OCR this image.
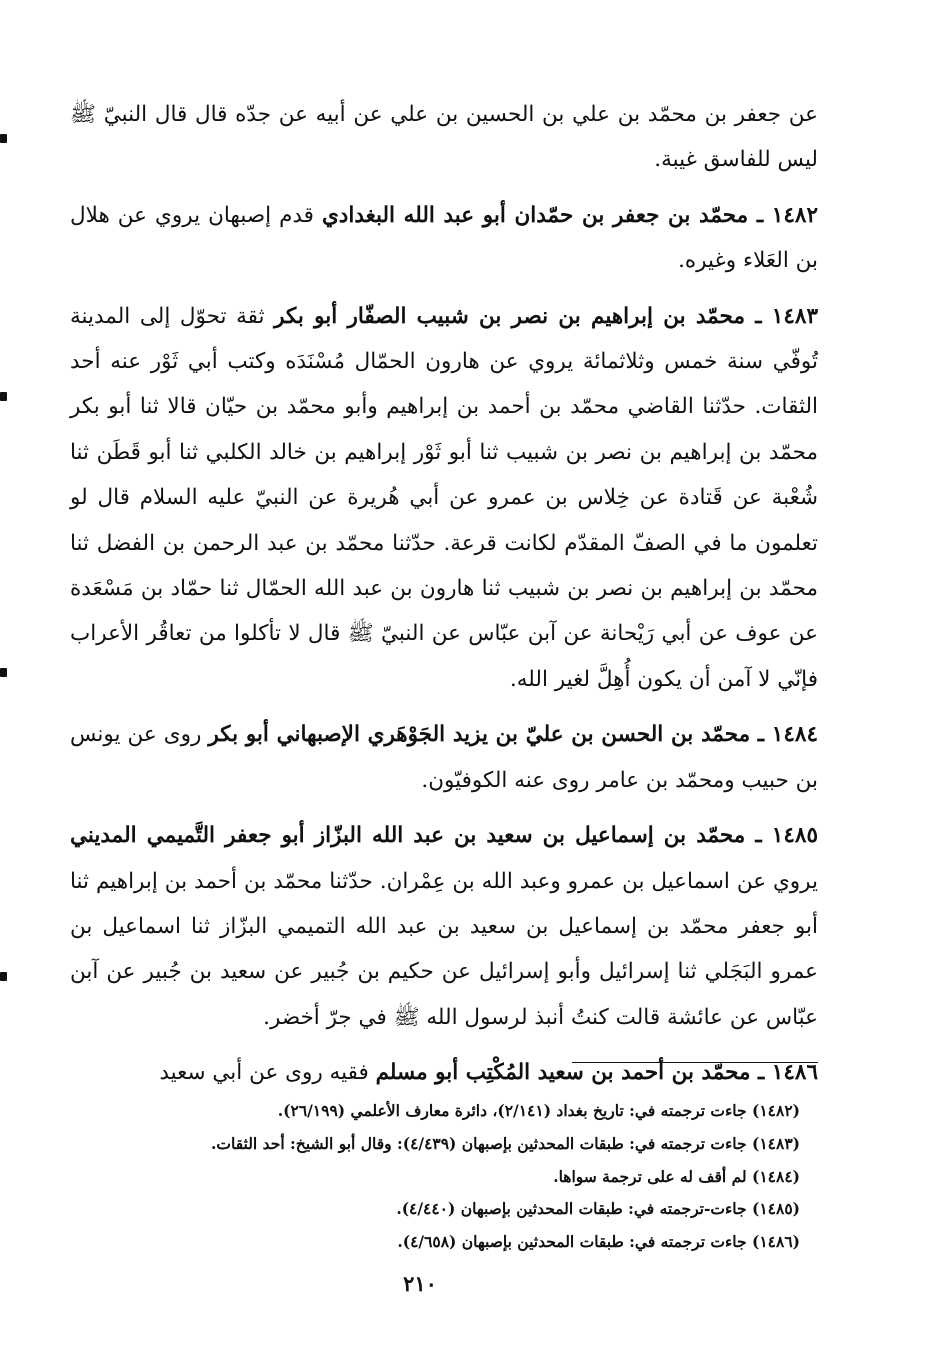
عن جعفر بن محمّد بن علي بن الحسين بن علي عن أبيه عن جدّه قال قال النبيّ ﷺ ليس للفاسق غيبة.

١٤٨٢ ـ محمّد بن جعفر بن حمّدان أبو عبد الله البغدادي قدم إصبهان يروي عن هلال بن العَلاء وغيره.

١٤٨٣ ـ محمّد بن إبراهيم بن نصر بن شبيب الصفّار أبو بكر ثقة تحوّل إلى المدينة تُوفّي سنة خمس وثلاثمائة يروي عن هارون الحمّال مُسْنَدَه وكتب أبي ثَوْر عنه أحد الثقات. حدّثنا القاضي محمّد بن أحمد بن إبراهيم وأبو محمّد بن حيّان قالا ثنا أبو بكر محمّد بن إبراهيم بن نصر بن شبيب ثنا أبو ثَوْر إبراهيم بن خالد الكلبي ثنا أبو قَطَن ثنا شُعْبة عن قَتادة عن خِلاس بن عمرو عن أبي هُريرة عن النبيّ عليه السلام قال لو تعلمون ما في الصفّ المقدّم لكانت قرعة. حدّثنا محمّد بن عبد الرحمن بن الفضل ثنا محمّد بن إبراهيم بن نصر بن شبيب ثنا هارون بن عبد الله الحمّال ثنا حمّاد بن مَسْعَدة عن عوف عن أبي رَيْحانة عن آبن عبّاس عن النبيّ ﷺ قال لا تأكلوا من تعاقُر الأعراب فإنّي لا آمن أن يكون أُهِلَّ لغير الله.

١٤٨٤ ـ محمّد بن الحسن بن عليّ بن يزيد الجَوْهَري الإصبهاني أبو بكر روى عن يونس بن حبيب ومحمّد بن عامر روى عنه الكوفيّون.

١٤٨٥ ـ محمّد بن إسماعيل بن سعيد بن عبد الله البزّاز أبو جعفر التَّميمي المديني يروي عن اسماعيل بن عمرو وعبد الله بن عِمْران. حدّثنا محمّد بن أحمد بن إبراهيم ثنا أبو جعفر محمّد بن إسماعيل بن سعيد بن عبد الله التميمي البزّاز ثنا اسماعيل بن عمرو البَجَلي ثنا إسرائيل وأبو إسرائيل عن حكيم بن جُبير عن سعيد بن جُبير عن آبن عبّاس عن عائشة قالت كنتُ أنبذ لرسول الله ﷺ في جرّ أخضر.

١٤٨٦ ـ محمّد بن أحمد بن سعيد المُكْتِب أبو مسلم فقيه روى عن أبي سعيد

(١٤٨٢) جاءت ترجمته في: تاريخ بغداد (٢/١٤١)، دائرة معارف الأعلمي (٢٦/١٩٩).
(١٤٨٣) جاءت ترجمته في: طبقات المحدثين بإصبهان (٤/٤٣٩): وقال أبو الشيخ: أحد الثقات.
(١٤٨٤) لم أقف له على ترجمة سواها.
(١٤٨٥) جاءت-ترجمته في: طبقات المحدثين بإصبهان (٤/٤٤٠).
(١٤٨٦) جاءت ترجمته في: طبقات المحدثين بإصبهان (٤/٦٥٨).
٢١٠
